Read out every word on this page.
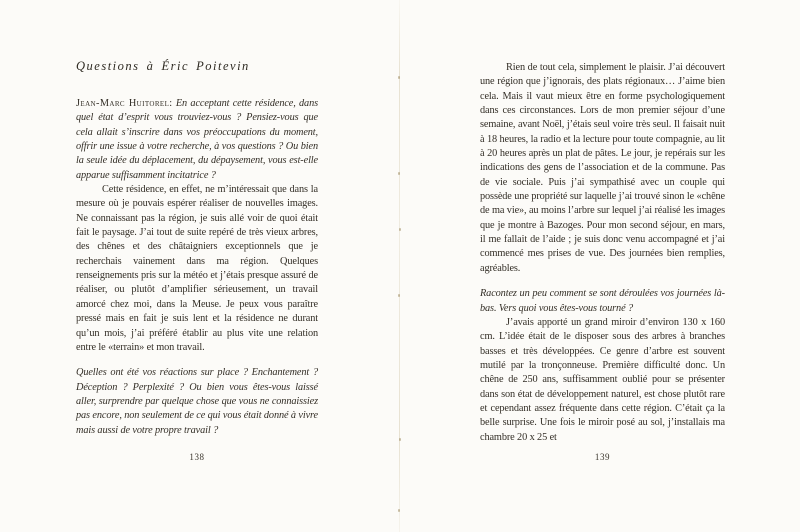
Questions à Éric Poitevin

Jean-Marc Huitorel: En acceptant cette résidence, dans quel état d’esprit vous trouviez-vous ? Pensiez-vous que cela allait s’inscrire dans vos préoccupations du moment, offrir une issue à votre recherche, à vos questions ? Ou bien la seule idée du déplacement, du dépaysement, vous est-elle apparue suffisamment incitatrice ?

Cette résidence, en effet, ne m’intéressait que dans la mesure où je pouvais espérer réaliser de nouvelles images. Ne connaissant pas la région, je suis allé voir de quoi était fait le paysage. J’ai tout de suite repéré de très vieux arbres, des chênes et des châtaigniers exceptionnels que je recherchais vainement dans ma région. Quelques renseignements pris sur la météo et j’étais presque assuré de réaliser, ou plutôt d’amplifier sérieusement, un travail amorcé chez moi, dans la Meuse. Je peux vous paraître pressé mais en fait je suis lent et la résidence ne durant qu’un mois, j’ai préféré établir au plus vite une relation entre le «terrain» et mon travail.

Quelles ont été vos réactions sur place ? Enchantement ? Déception ? Perplexité ? Ou bien vous êtes-vous laissé aller, surprendre par quelque chose que vous ne connaissiez pas encore, non seulement de ce qui vous était donné à vivre mais aussi de votre propre travail ?

138

Rien de tout cela, simplement le plaisir. J’ai découvert une région que j’ignorais, des plats régionaux… J’aime bien cela. Mais il vaut mieux être en forme psychologiquement dans ces circonstances. Lors de mon premier séjour d’une semaine, avant Noël, j’étais seul voire très seul. Il faisait nuit à 18 heures, la radio et la lecture pour toute compagnie, au lit à 20 heures après un plat de pâtes. Le jour, je repérais sur les indications des gens de l’association et de la commune. Pas de vie sociale. Puis j’ai sympathisé avec un couple qui possède une propriété sur laquelle j’ai trouvé sinon le «chêne de ma vie», au moins l’arbre sur lequel j’ai réalisé les images que je montre à Bazoges. Pour mon second séjour, en mars, il me fallait de l’aide ; je suis donc venu accompagné et j’ai commencé mes prises de vue. Des journées bien remplies, agréables.

Racontez un peu comment se sont déroulées vos journées là-bas. Vers quoi vous êtes-vous tourné ?

J’avais apporté un grand miroir d’environ 130 x 160 cm. L’idée était de le disposer sous des arbres à branches basses et très développées. Ce genre d’arbre est souvent mutilé par la tronçonneuse. Première difficulté donc. Un chêne de 250 ans, suffisamment oublié pour se présenter dans son état de développement naturel, est chose plutôt rare et cependant assez fréquente dans cette région. C’était ça la belle surprise. Une fois le miroir posé au sol, j’installais ma chambre 20 x 25 et

139
